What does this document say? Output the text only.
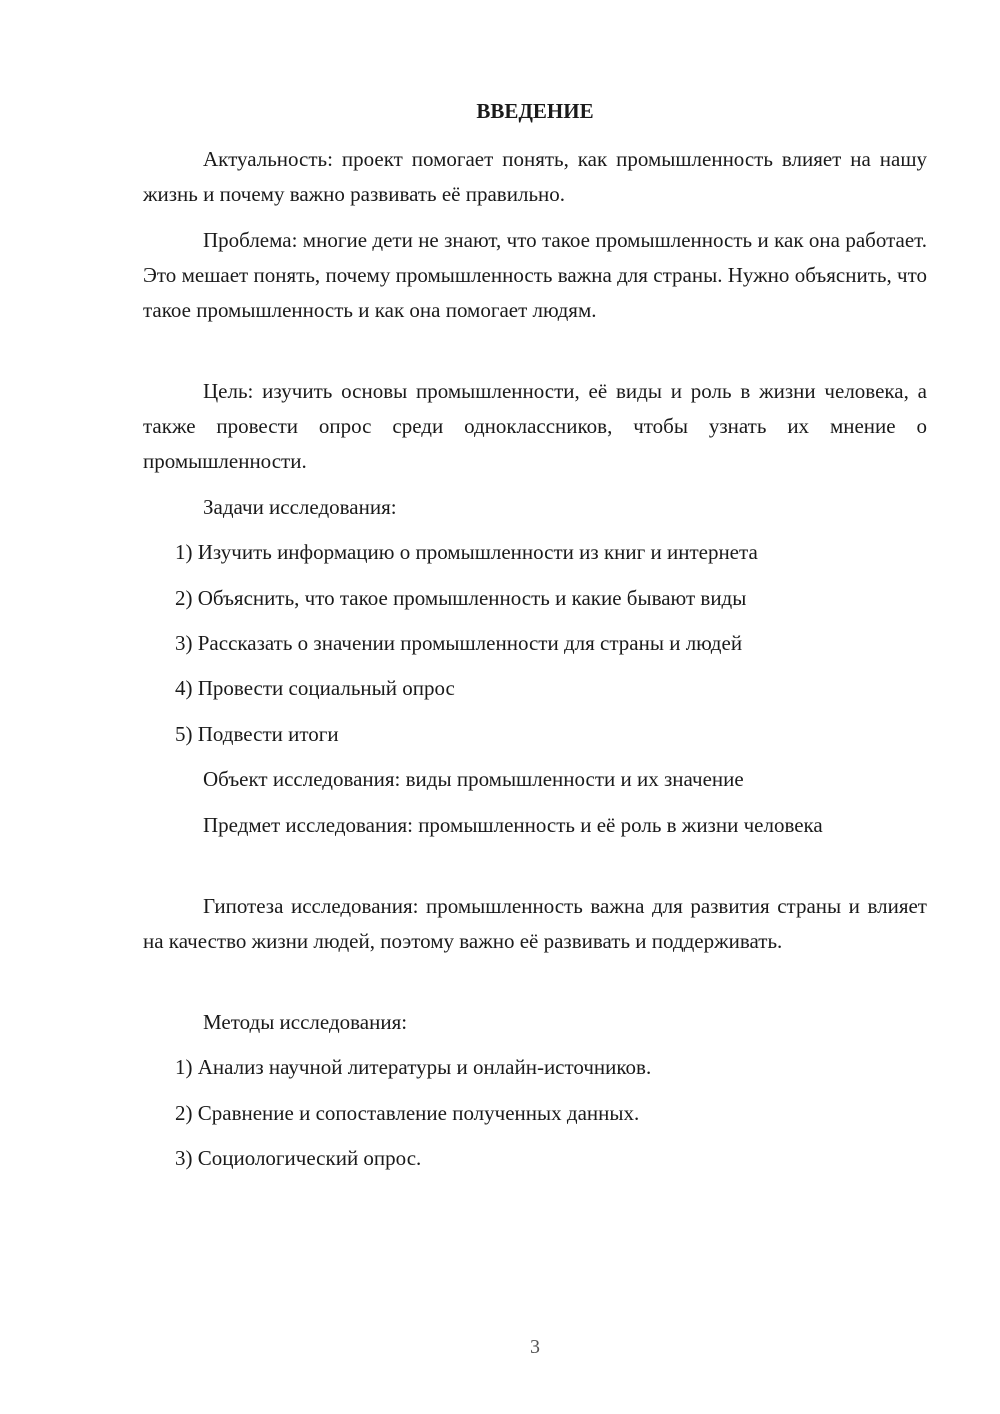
ВВЕДЕНИЕ

Актуальность: проект помогает понять, как промышленность влияет на нашу жизнь и почему важно развивать её правильно.

Проблема: многие дети не знают, что такое промышленность и как она работает. Это мешает понять, почему промышленность важна для страны. Нужно объяснить, что такое промышленность и как она помогает людям.

Цель: изучить основы промышленности, её виды и роль в жизни человека, а также провести опрос среди одноклассников, чтобы узнать их мнение о промышленности.

Задачи исследования:

1) Изучить информацию о промышленности из книг и интернета

2) Объяснить, что такое промышленность и какие бывают виды

3) Рассказать о значении промышленности для страны и людей

4) Провести социальный опрос

5) Подвести итоги

Объект исследования: виды промышленности и их значение

Предмет исследования: промышленность и её роль в жизни человека

Гипотеза исследования: промышленность важна для развития страны и влияет на качество жизни людей, поэтому важно её развивать и поддерживать.

Методы исследования:

1) Анализ научной литературы и онлайн-источников.

2) Сравнение и сопоставление полученных данных.

3) Социологический опрос.

3
